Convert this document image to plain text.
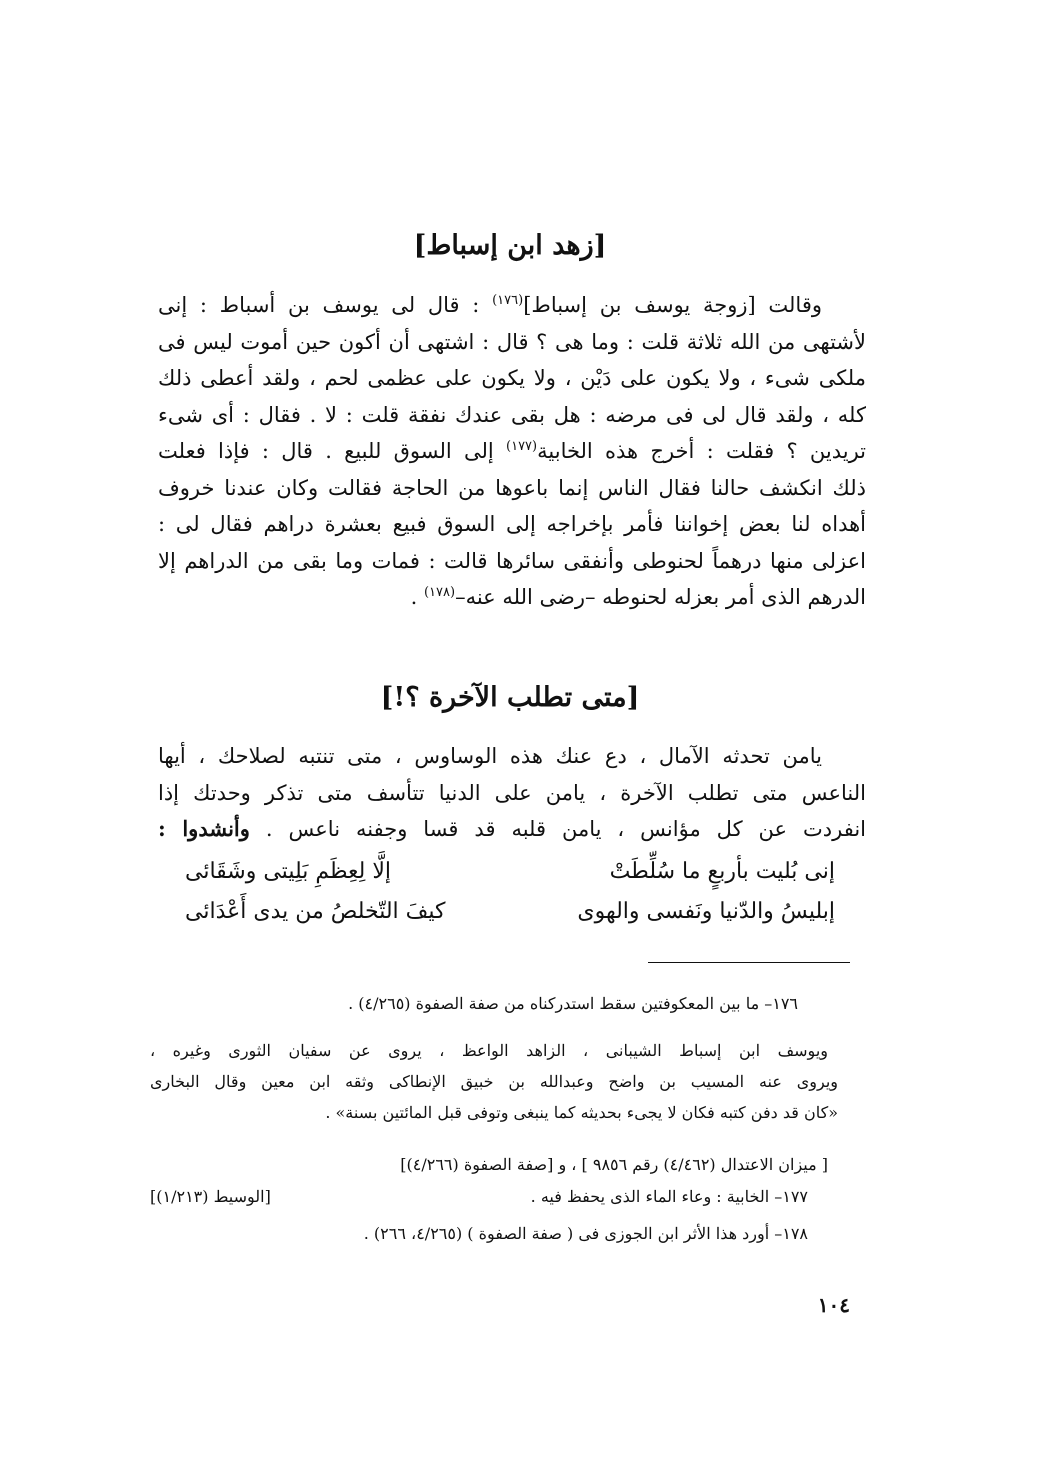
[زهد ابن إسباط]
وقالت [زوجة يوسف بن إسباط]$^{(١٧٦)}$ : قال لى يوسف بن أسباط : إنى
لأشتهى من الله ثلاثة قلت : وما هى ؟ قال : اشتهى أن أكون حين أموت ليس فى
ملكى شىء ، ولا يكون على دَيْن ، ولا يكون على عظمى لحم ، ولقد أعطى ذلك
كله ، ولقد قال لى فى مرضه : هل بقى عندك نفقة قلت : لا . فقال : أى شىء
تريدين ؟ فقلت : أخرج هذه الخابية$^{(١٧٧)}$ إلى السوق للبيع . قال : فإذا فعلت
ذلك انكشف حالنا فقال الناس إنما باعوها من الحاجة فقالت وكان عندنا خروف
أهداه لنا بعض إخواننا فأمر بإخراجه إلى السوق فبيع بعشرة دراهم فقال لى :
اعزلى منها درهماً لحنوطى وأنفقى سائرها قالت : فمات وما بقى من الدراهم إلا
الدرهم الذى أمر بعزله لحنوطه –رضى الله عنه–$^{(١٧٨)}$ .
[متى تطلب الآخرة ؟!]
يامن تحدثه الآمال ، دع عنك هذه الوساوس ، متى تنتبه لصلاحك ، أيها
الناعس متى تطلب الآخرة ، يامن على الدنيا تتأسف متى تذكر وحدتك إذا
انفردت عن كل مؤانس ، يامن قلبه قد قسا وجفنه ناعس . وأنشدوا :
إنى بُليت بأربعٍ ما سُلِّطَتْ
إلَّا لِعِظَمِ بَلِيتى وشَقَائى
إبليسُ والدّنيا ونَفسى والهوى
كيفَ التّخلصُ من يدى أَعْدَائى
١٧٦– ما بين المعكوفتين سقط استدركناه من صفة الصفوة (٤/٢٦٥) .
ويوسف ابن إسباط الشيبانى ، الزاهد الواعظ ، يروى عن سفيان الثورى وغيره ،
ويروى عنه المسيب بن واضح وعبدالله بن خبيق الإنطاكى وثقه ابن معين وقال البخارى
«كان قد دفن كتبه فكان لا يجىء بحديثه كما ينبغى وتوفى قبل المائتين بسنة» .
[ ميزان الاعتدال (٤/٤٦٢) رقم ٩٨٥٦ ] ، و [صفة الصفوة (٤/٢٦٦)]
١٧٧– الخابية : وعاء الماء الذى يحفظ فيه .
[الوسيط (١/٢١٣)]
١٧٨– أورد هذا الأثر ابن الجوزى فى ( صفة الصفوة ) (٤/٢٦٥، ٢٦٦) .
١٠٤
